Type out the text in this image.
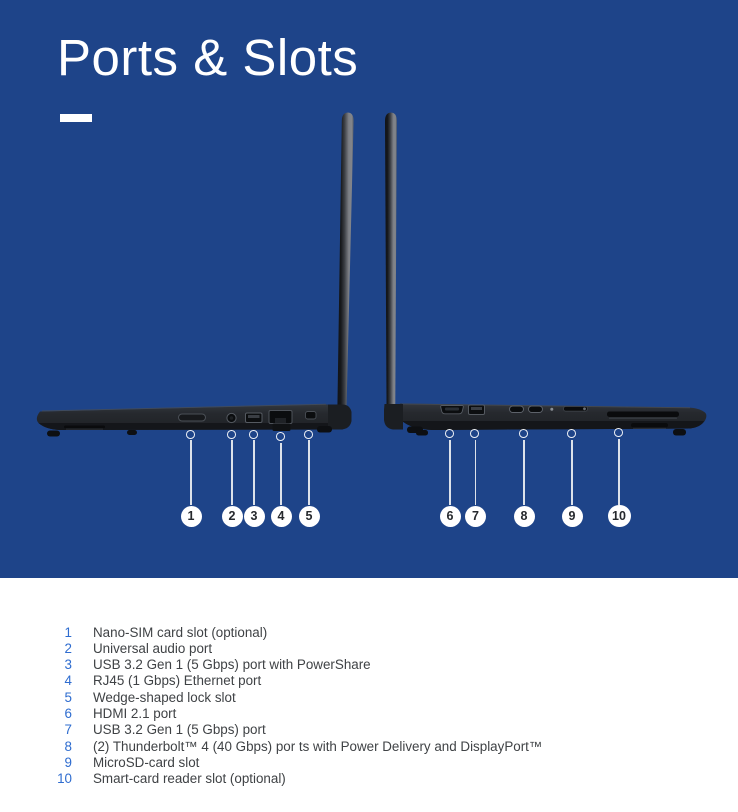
Ports & Slots
1	2 3 4 5	6 7	8	9	10
1	Nano-SIM card slot (optional)
2	Universal audio port
3	USB 3.2 Gen 1 (5 Gbps) port with PowerShare
4	RJ45 (1 Gbps) Ethernet port
5	Wedge-shaped lock slot
6	HDMI 2.1 port
7	USB 3.2 Gen 1 (5 Gbps) port
8	(2) Thunderbolt™ 4 (40 Gbps) por ts with Power Delivery and DisplayPort™
9	MicroSD-card slot
10	Smart-card reader slot (optional)
